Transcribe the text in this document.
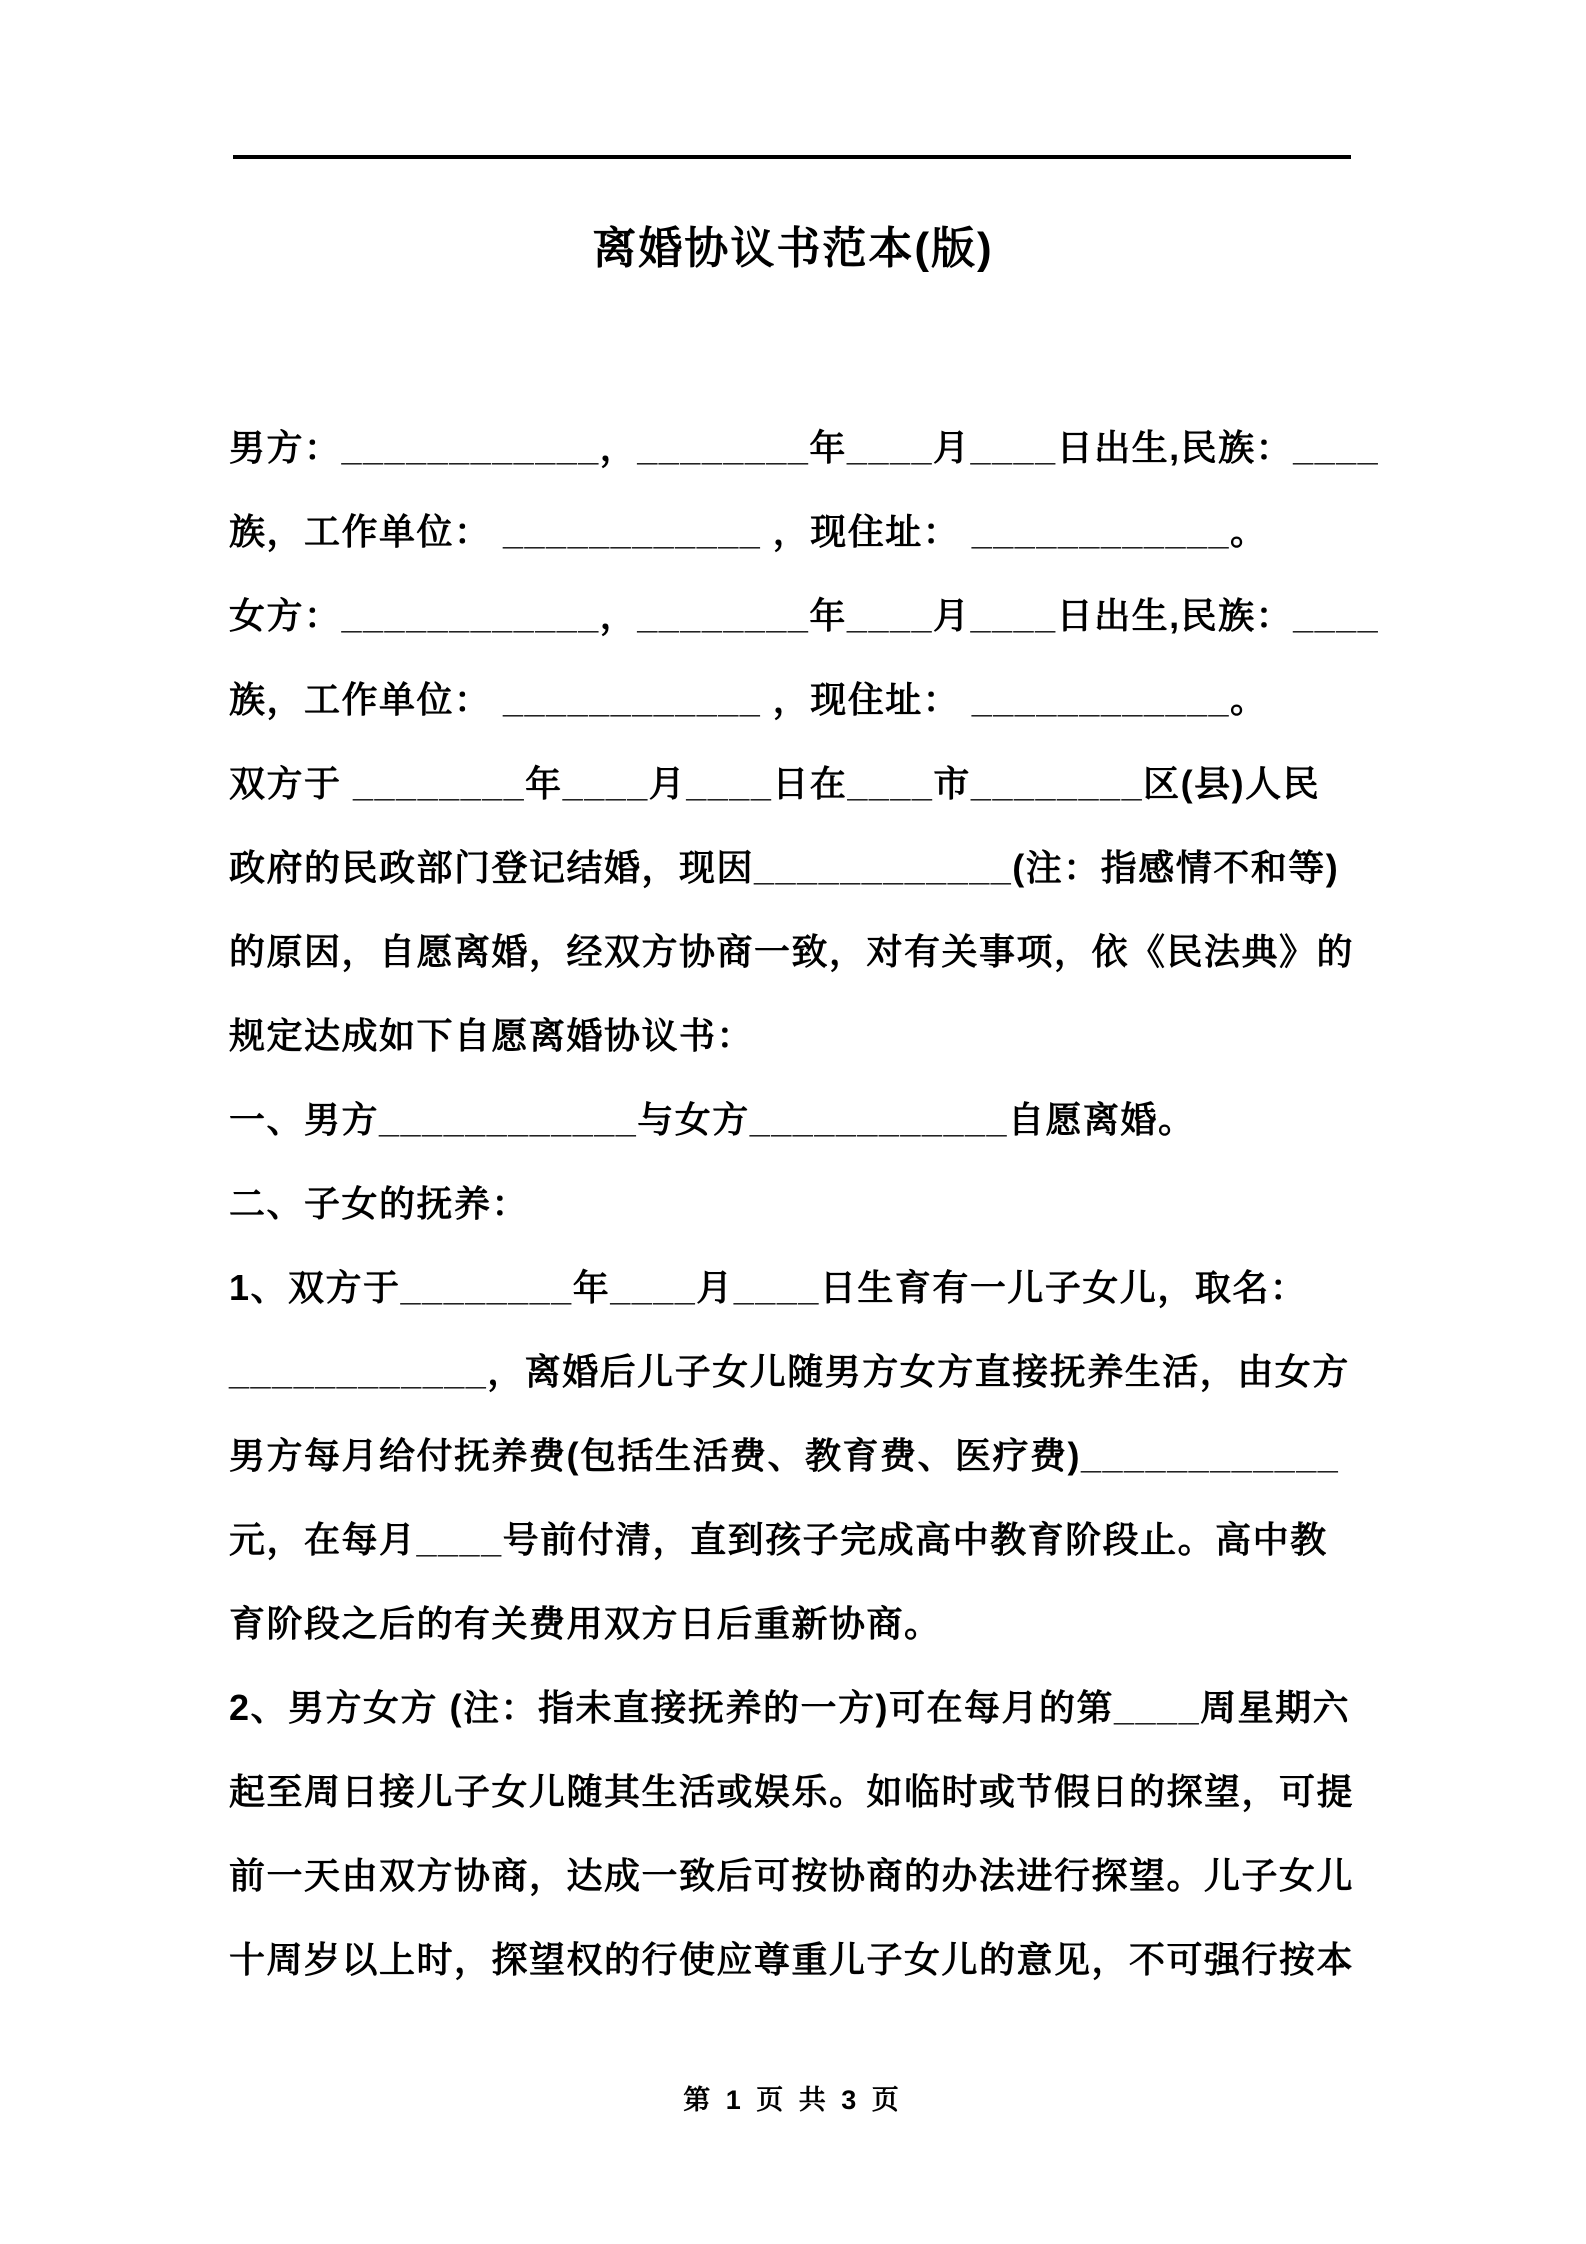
离婚协议书范本(版)
男方：____________，________年____月____日出生,民族：____
族，工作单位： ____________ ，现住址： ____________。
女方：____________，________年____月____日出生,民族：____
族，工作单位： ____________ ，现住址： ____________。
双方于 ________年____月____日在____市________区(县)人民
政府的民政部门登记结婚，现因____________(注：指感情不和等)
的原因，自愿离婚，经双方协商一致，对有关事项，依《民法典》的
规定达成如下自愿离婚协议书：
一、男方____________与女方____________自愿离婚。
二、子女的抚养：
1、双方于________年____月____日生育有一儿子女儿，取名：
____________，离婚后儿子女儿随男方女方直接抚养生活，由女方
男方每月给付抚养费(包括生活费、教育费、医疗费)____________
元，在每月____号前付清，直到孩子完成高中教育阶段止。高中教
育阶段之后的有关费用双方日后重新协商。
2、男方女方 (注：指未直接抚养的一方)可在每月的第____周星期六
起至周日接儿子女儿随其生活或娱乐。如临时或节假日的探望，可提
前一天由双方协商，达成一致后可按协商的办法进行探望。儿子女儿
十周岁以上时，探望权的行使应尊重儿子女儿的意见，不可强行按本
第 1 页 共 3 页
